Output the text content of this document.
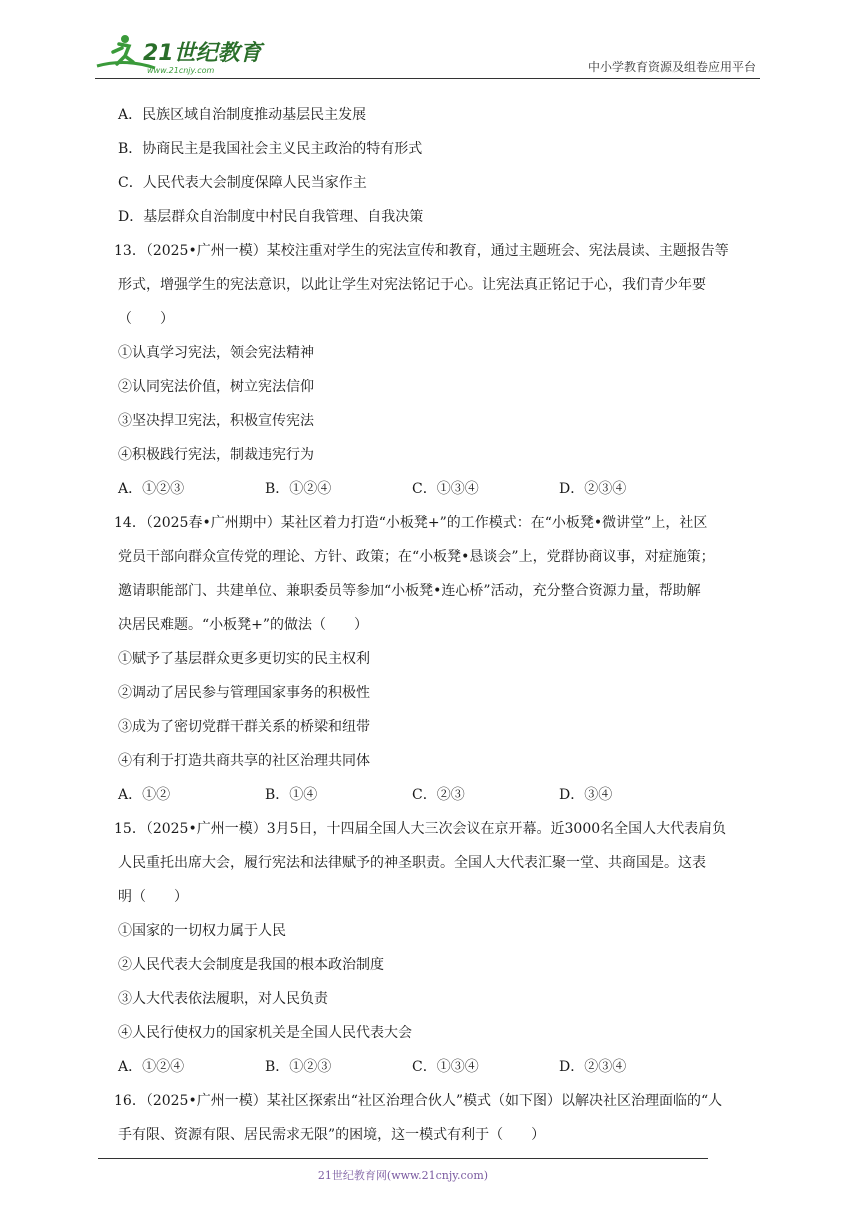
21世纪教育
www.21cnjy.com	中小学教育资源及组卷应用平台
A．民族区域自治制度推动基层民主发展
B．协商民主是我国社会主义民主政治的特有形式
C．人民代表大会制度保障人民当家作主
D．基层群众自治制度中村民自我管理、自我决策
13．（2025•广州一模）某校注重对学生的宪法宣传和教育，通过主题班会、宪法晨读、主题报告等
形式，增强学生的宪法意识，以此让学生对宪法铭记于心。让宪法真正铭记于心，我们青少年要
（　　）
①认真学习宪法，领会宪法精神
②认同宪法价值，树立宪法信仰
③坚决捍卫宪法，积极宣传宪法
④积极践行宪法，制裁违宪行为
A．①②③	B．①②④	C．①③④	D．②③④
14．（2025春•广州期中）某社区着力打造“小板凳+”的工作模式：在“小板凳•微讲堂”上，社区
党员干部向群众宣传党的理论、方针、政策；在“小板凳•恳谈会”上，党群协商议事，对症施策；
邀请职能部门、共建单位、兼职委员等参加“小板凳•连心桥”活动，充分整合资源力量，帮助解
决居民难题。“小板凳+”的做法（　　）
①赋予了基层群众更多更切实的民主权利
②调动了居民参与管理国家事务的积极性
③成为了密切党群干群关系的桥梁和纽带
④有利于打造共商共享的社区治理共同体
A．①②	B．①④	C．②③	D．③④
15．（2025•广州一模）3月5日，十四届全国人大三次会议在京开幕。近3000名全国人大代表肩负
人民重托出席大会，履行宪法和法律赋予的神圣职责。全国人大代表汇聚一堂、共商国是。这表
明（　　）
①国家的一切权力属于人民
②人民代表大会制度是我国的根本政治制度
③人大代表依法履职，对人民负责
④人民行使权力的国家机关是全国人民代表大会
A．①②④	B．①②③	C．①③④	D．②③④
16．（2025•广州一模）某社区探索出“社区治理合伙人”模式（如下图）以解决社区治理面临的“人
手有限、资源有限、居民需求无限”的困境，这一模式有利于（　　）
21世纪教育网(www.21cnjy.com)
